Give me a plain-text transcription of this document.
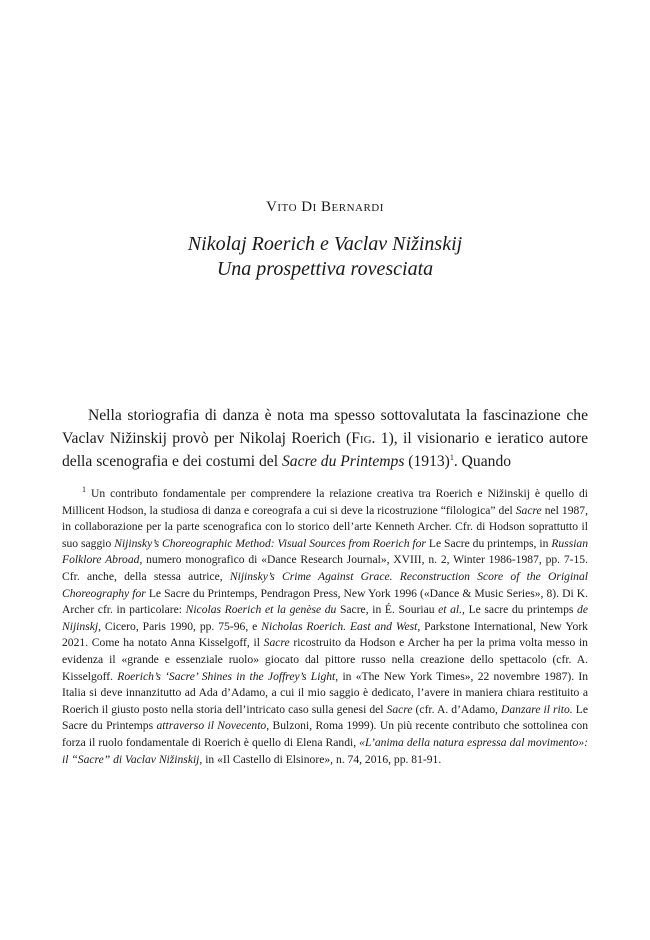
Vito Di Bernardi
Nikolaj Roerich e Vaclav Nižinskij
Una prospettiva rovesciata

Nella storiografia di danza è nota ma spesso sottovalutata la fascinazione che Vaclav Nižinskij provò per Nikolaj Roerich (Fig. 1), il visionario e ieratico autore della scenografia e dei costumi del Sacre du Printemps $(1913)^1$. Quando

$^1$ Un contributo fondamentale per comprendere la relazione creativa tra Roerich e Nižinskij è quello di Millicent Hodson, la studiosa di danza e coreografa a cui si deve la ricostruzione “filologica” del Sacre nel 1987, in collaborazione per la parte scenografica con lo storico dell’arte Kenneth Archer. Cfr. di Hodson soprattutto il suo saggio Nijinsky’s Choreographic Method: Visual Sources from Roerich for Le Sacre du printemps, in Russian Folklore Abroad, numero monografico di «Dance Research Journal», XVIII, n. 2, Winter 1986-1987, pp. 7-15. Cfr. anche, della stessa autrice, Nijinsky’s Crime Against Grace. Reconstruction Score of the Original Choreography for Le Sacre du Printemps, Pendragon Press, New York 1996 («Dance & Music Series», 8). Di K. Archer cfr. in particolare: Nicolas Roerich et la genèse du Sacre, in É. Souriau et al., Le sacre du printemps de Nijinskj, Cicero, Paris 1990, pp. 75-96, e Nicholas Roerich. East and West, Parkstone International, New York 2021. Come ha notato Anna Kisselgoff, il Sacre ricostruito da Hodson e Archer ha per la prima volta messo in evidenza il «grande e essenziale ruolo» giocato dal pittore russo nella creazione dello spettacolo (cfr. A. Kisselgoff. Roerich’s ‘Sacre’ Shines in the Joffrey’s Light, in «The New York Times», 22 novembre 1987). In Italia si deve innanzitutto ad Ada d’Adamo, a cui il mio saggio è dedicato, l’avere in maniera chiara restituito a Roerich il giusto posto nella storia dell’intricato caso sulla genesi del Sacre (cfr. A. d’Adamo, Danzare il rito. Le Sacre du Printemps attraverso il Novecento, Bulzoni, Roma 1999). Un più recente contributo che sottolinea con forza il ruolo fondamentale di Roerich è quello di Elena Randi, «L’anima della natura espressa dal movimento»: il “Sacre” di Vaclav Nižinskij, in «Il Castello di Elsinore», n. 74, 2016, pp. 81-91.
